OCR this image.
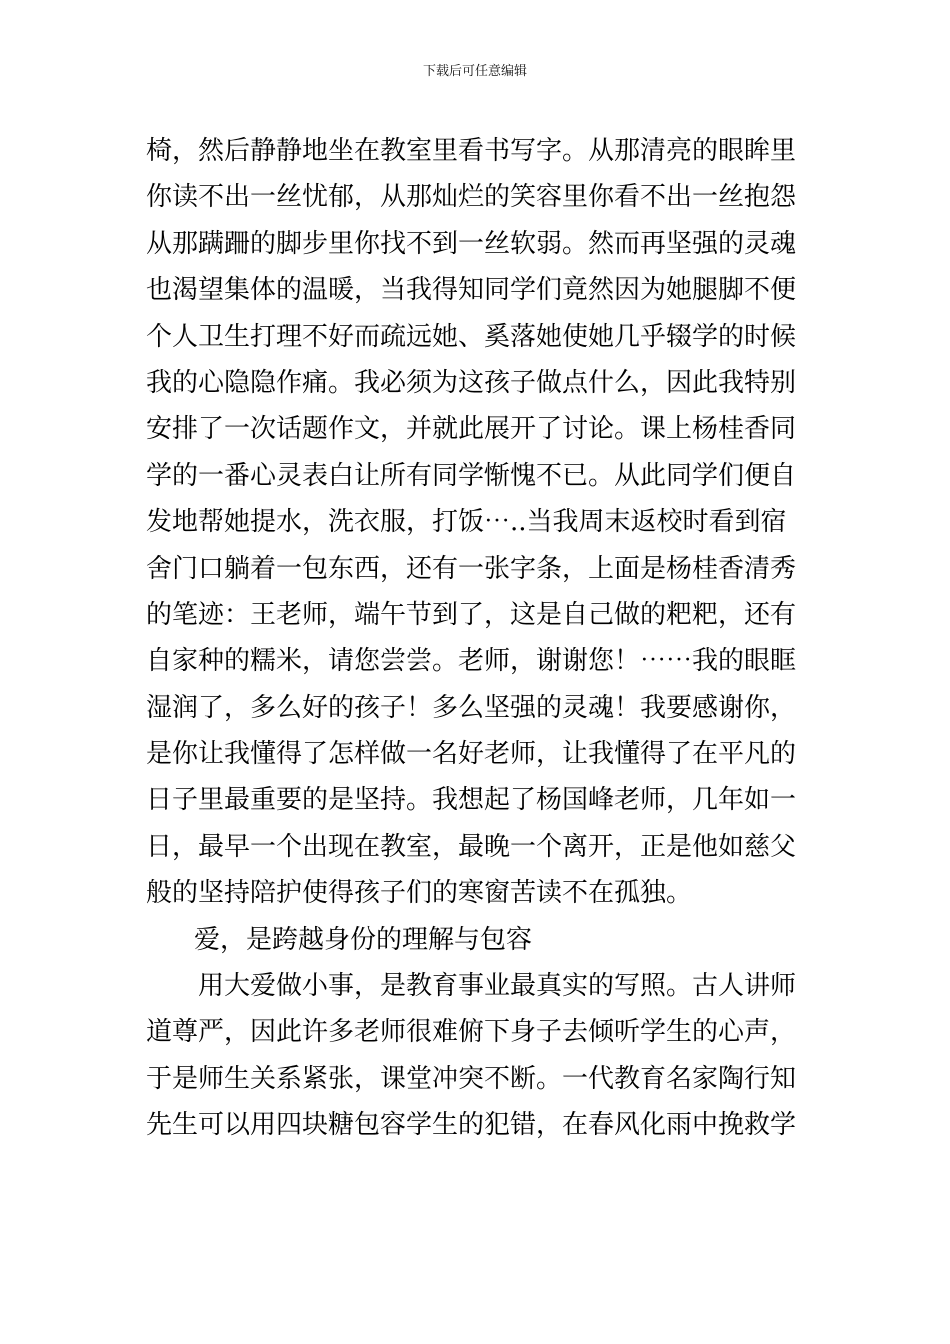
下载后可任意编辑
椅，然后静静地坐在教室里看书写字。从那清亮的眼眸里
你读不出一丝忧郁，从那灿烂的笑容里你看不出一丝抱怨
从那蹒跚的脚步里你找不到一丝软弱。然而再坚强的灵魂
也渴望集体的温暖，当我得知同学们竟然因为她腿脚不便
个人卫生打理不好而疏远她、奚落她使她几乎辍学的时候
我的心隐隐作痛。我必须为这孩子做点什么，因此我特别
安排了一次话题作文，并就此展开了讨论。课上杨桂香同
学的一番心灵表白让所有同学惭愧不已。从此同学们便自
发地帮她提水，洗衣服，打饭⋯..当我周末返校时看到宿
舍门口躺着一包东西，还有一张字条，上面是杨桂香清秀
的笔迹：王老师，端午节到了，这是自己做的粑粑，还有
自家种的糯米，请您尝尝。老师，谢谢您！⋯⋯我的眼眶
湿润了，多么好的孩子！多么坚强的灵魂！我要感谢你，
是你让我懂得了怎样做一名好老师，让我懂得了在平凡的
日子里最重要的是坚持。我想起了杨国峰老师，几年如一
日，最早一个出现在教室，最晚一个离开，正是他如慈父
般的坚持陪护使得孩子们的寒窗苦读不在孤独。
爱，是跨越身份的理解与包容
用大爱做小事，是教育事业最真实的写照。古人讲师
道尊严，因此许多老师很难俯下身子去倾听学生的心声，
于是师生关系紧张，课堂冲突不断。一代教育名家陶行知
先生可以用四块糖包容学生的犯错，在春风化雨中挽救学
